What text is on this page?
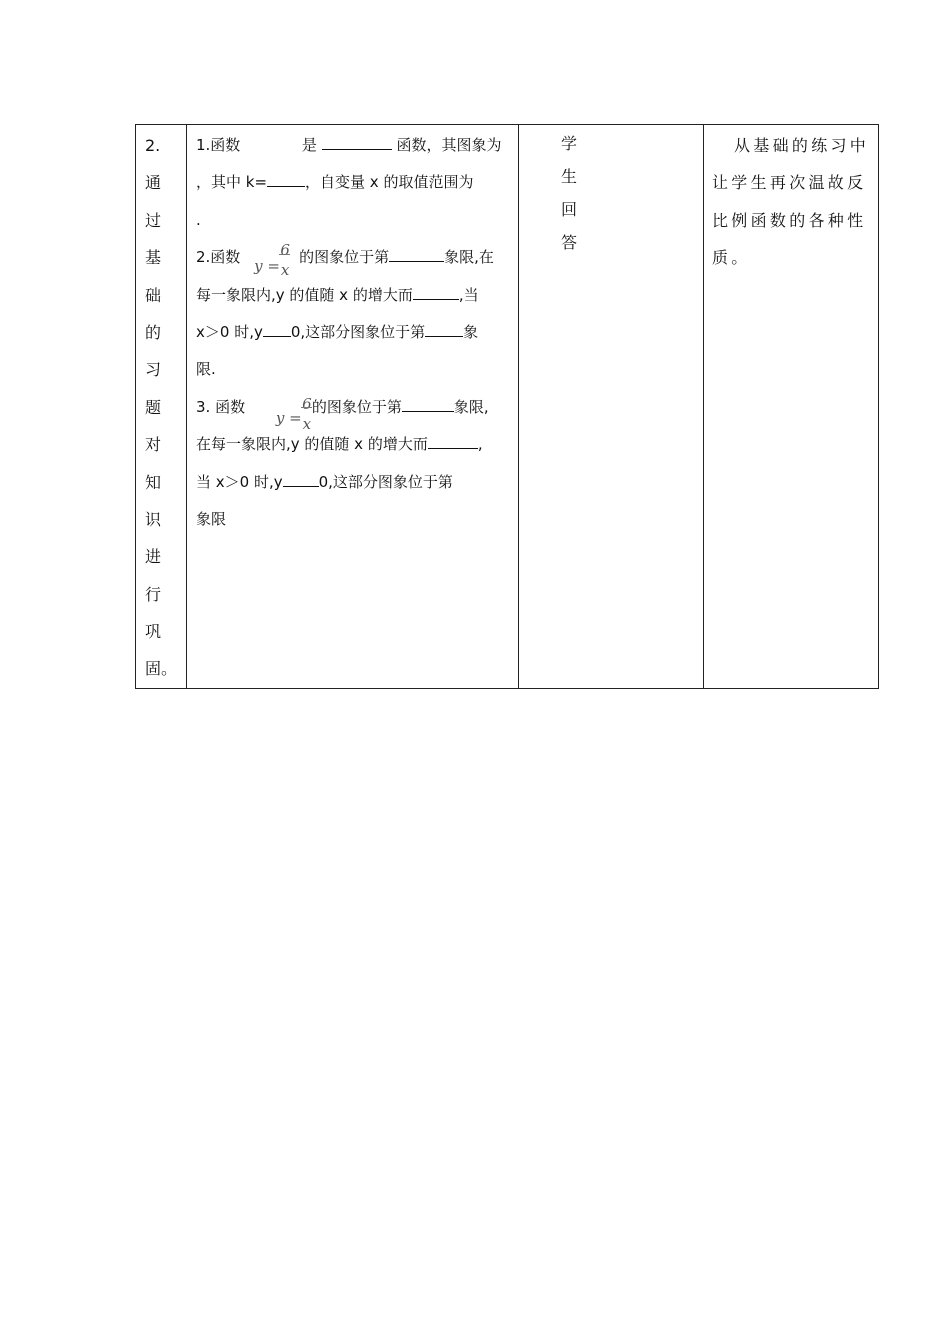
2.
通
过
基
础
的
习
题
对
知
识
进
行
巩
固。

1.函数	是	函数，其图象为
，其中 k=	，自变量 x 的取值范围为
.
2.函数 y =
6
x
的图象位于第	象限,在
每一象限内,y 的值随 x 的增大而	,当
x＞0 时,y 0,这部分图象位于第	象
限.
3. 函数
y =
6
x
的图象位于第	象限,
在每一象限内,y 的值随 x 的增大而	,
当 x＞0 时,y 0,这部分图象位于第
象限

学
生
回
答

从基础的练习中
让学生再次温故反
比例函数的各种性
质。
